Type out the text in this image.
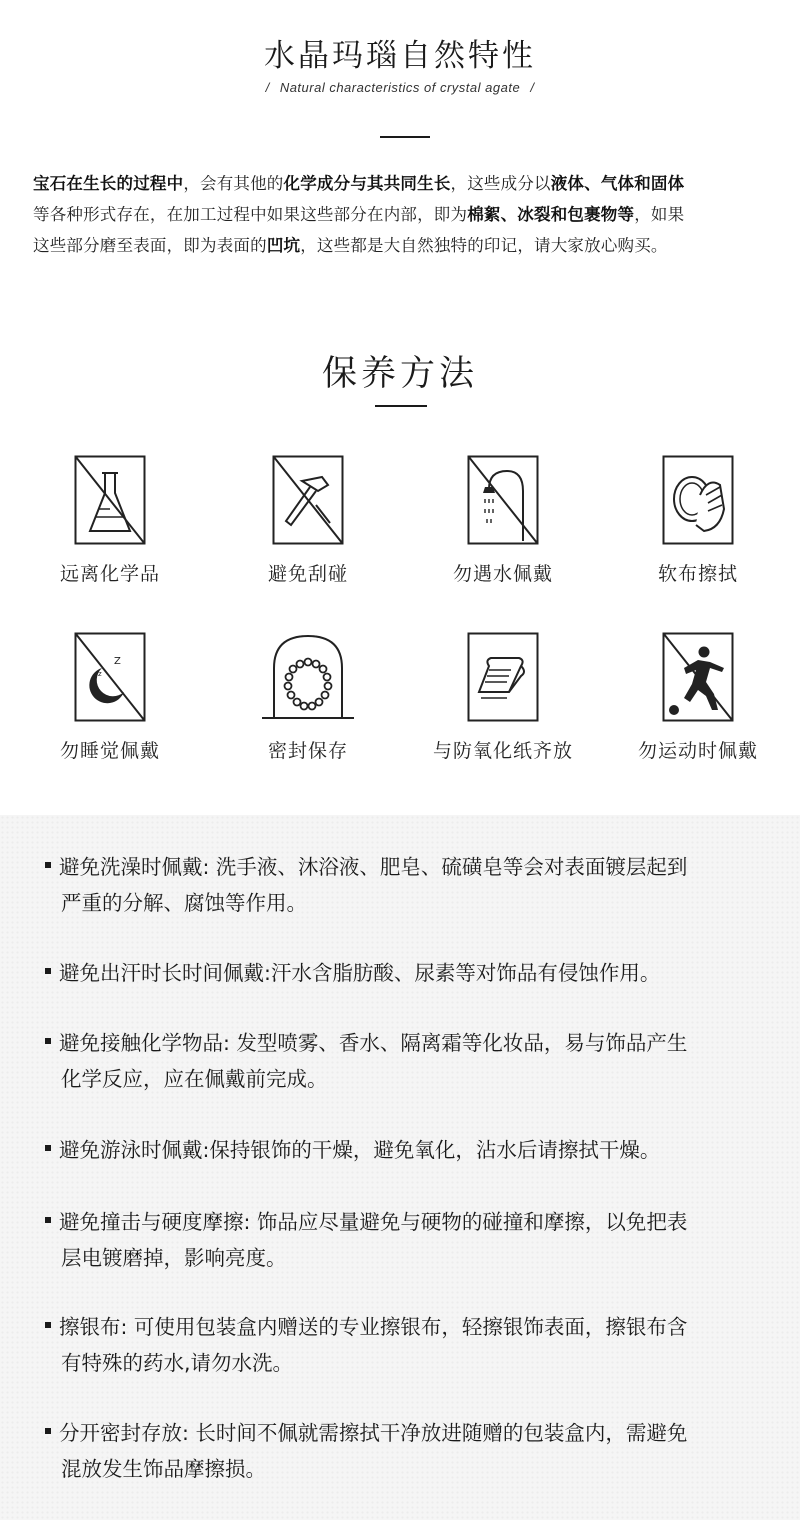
水晶玛瑙自然特性
/ Natural characteristics of crystal agate /
宝石在生长的过程中，会有其他的化学成分与其共同生长，这些成分以液体、气体和固体
等各种形式存在，在加工过程中如果这些部分在内部，即为棉絮、冰裂和包裹物等，如果
这些部分磨至表面，即为表面的凹坑，这些都是大自然独特的印记，请大家放心购买。
保养方法
远离化学品	避免刮碰	勿遇水佩戴	软布擦拭
Z
z
勿睡觉佩戴	密封保存	与防氧化纸齐放	勿运动时佩戴
避免洗澡时佩戴: 洗手液、沐浴液、肥皂、硫磺皂等会对表面镀层起到
严重的分解、腐蚀等作用。
避免出汗时长时间佩戴:汗水含脂肪酸、尿素等对饰品有侵蚀作用。
避免接触化学物品: 发型喷雾、香水、隔离霜等化妆品，易与饰品产生
化学反应，应在佩戴前完成。
避免游泳时佩戴:保持银饰的干燥，避免氧化，沾水后请擦拭干燥。
避免撞击与硬度摩擦: 饰品应尽量避免与硬物的碰撞和摩擦，以免把表
层电镀磨掉，影响亮度。
擦银布: 可使用包装盒内赠送的专业擦银布，轻擦银饰表面，擦银布含
有特殊的药水,请勿水洗。
分开密封存放: 长时间不佩就需擦拭干净放进随赠的包装盒内，需避免
混放发生饰品摩擦损。
